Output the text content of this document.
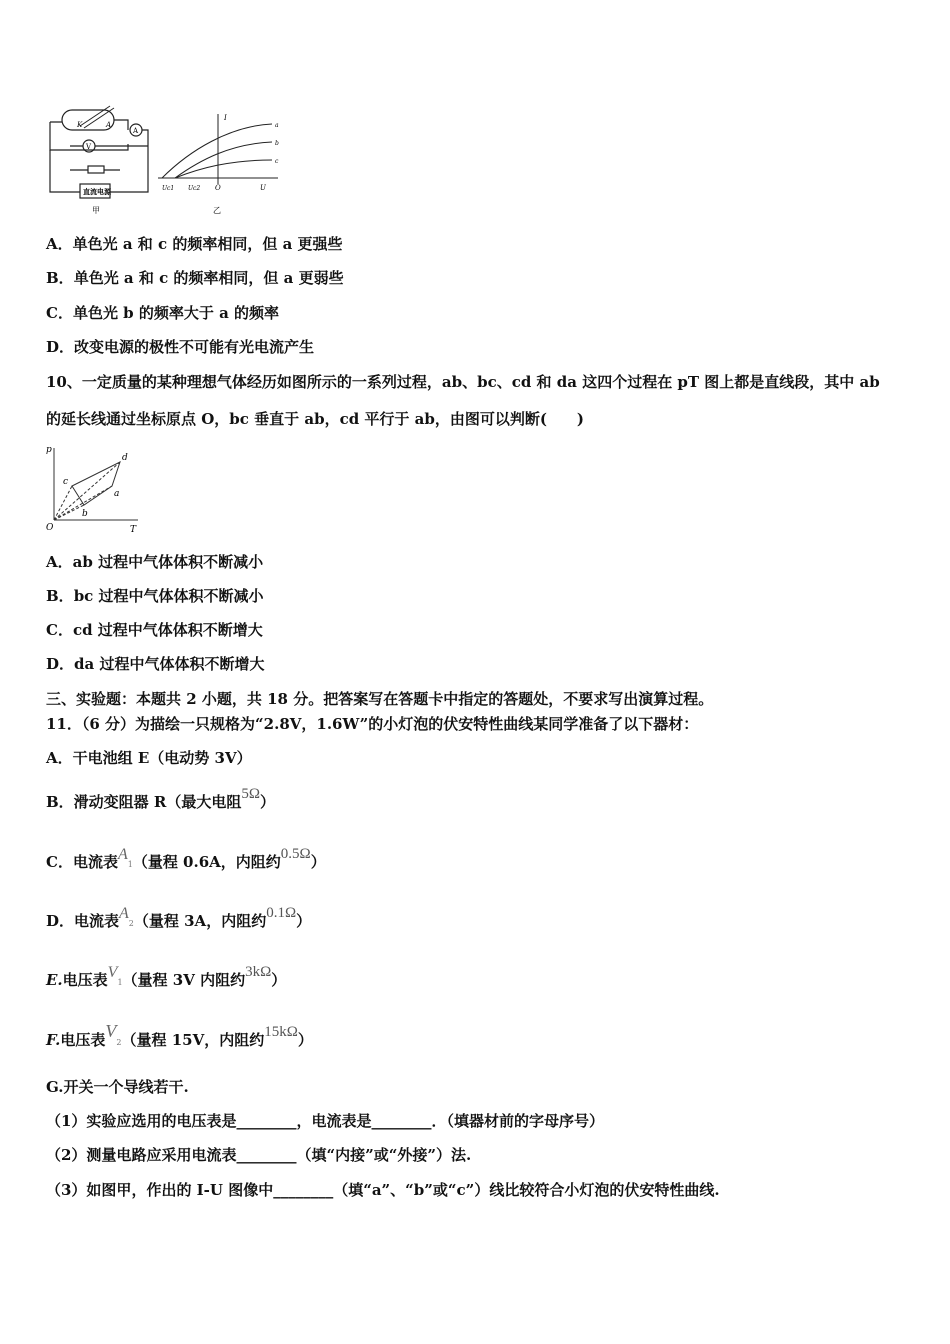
K	A
A
V
直流电源
甲
I
U
O
Uc1 Uc2
a
b
c
乙
A．单色光 a 和 c 的频率相同，但 a 更强些
B．单色光 a 和 c 的频率相同，但 a 更弱些
C．单色光 b 的频率大于 a 的频率
D．改变电源的极性不可能有光电流产生
10、一定质量的某种理想气体经历如图所示的一系列过程，ab、bc、cd 和 da 这四个过程在 pT 图上都是直线段，其中 ab
的延长线通过坐标原点 O，bc 垂直于 ab，cd 平行于 ab，由图可以判断(　　)
p
T
O
a
b
c
d
A．ab 过程中气体体积不断减小
B．bc 过程中气体体积不断减小
C．cd 过程中气体体积不断增大
D．da 过程中气体体积不断增大
三、实验题：本题共 2 小题，共 18 分。把答案写在答题卡中指定的答题处，不要求写出演算过程。
11．（6 分）为描绘一只规格为“2.8V，1.6W”的小灯泡的伏安特性曲线某同学准备了以下器材：
A．干电池组 E（电动势 3V）
B．滑动变阻器 R（最大电阻5Ω）
C．电流表A1（量程 0.6A，内阻约0.5Ω）
D．电流表A2（量程 3A，内阻约0.1Ω）
E.电压表V1（量程 3V 内阻约3kΩ）
F.电压表V2（量程 15V，内阻约15kΩ）
G.开关一个导线若干.
（1）实验应选用的电压表是________，电流表是________．（填器材前的字母序号）
（2）测量电路应采用电流表________（填“内接”或“外接”）法.
（3）如图甲，作出的 I-U 图像中________（填“a”、“b”或“c”）线比较符合小灯泡的伏安特性曲线.
